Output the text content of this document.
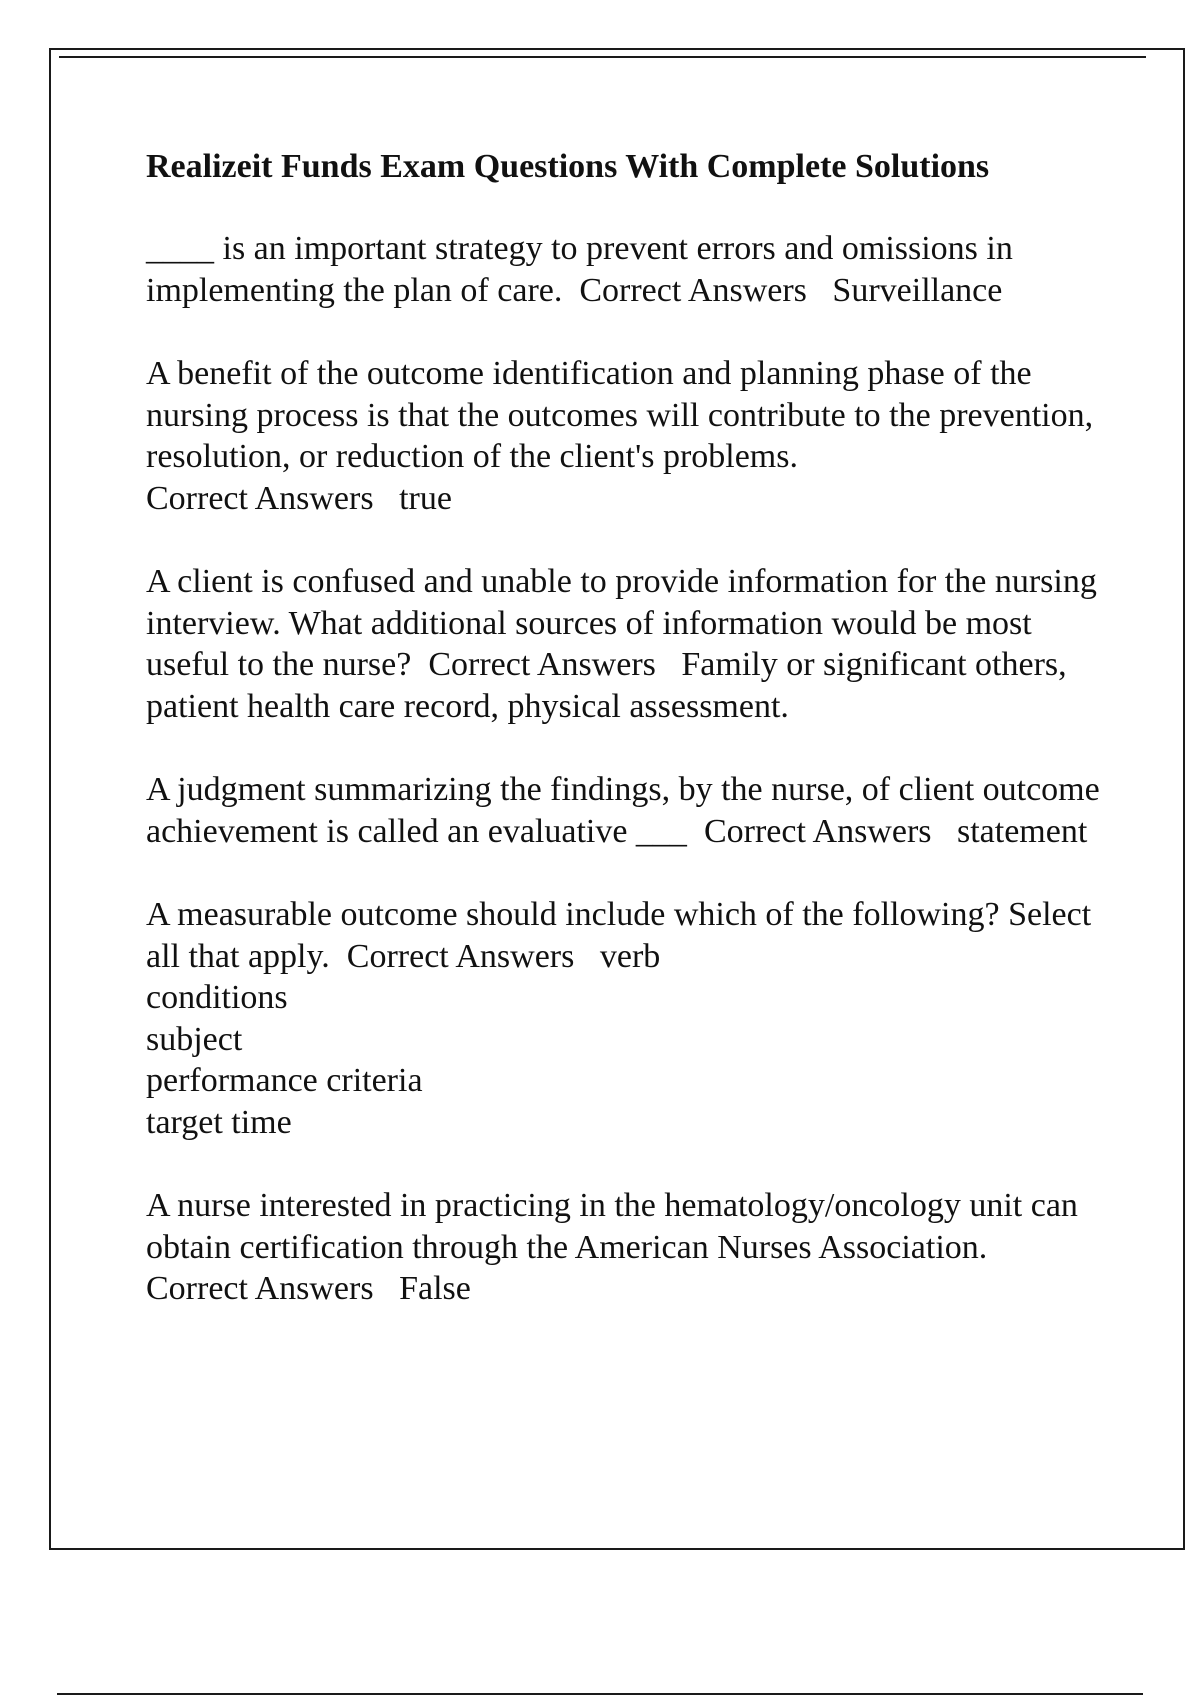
Realizeit Funds Exam Questions With Complete Solutions
____ is an important strategy to prevent errors and omissions in implementing the plan of care. Correct Answers Surveillance
A benefit of the outcome identification and planning phase of the nursing process is that the outcomes will contribute to the prevention, resolution, or reduction of the client's problems.
Correct Answers true
A client is confused and unable to provide information for the nursing interview. What additional sources of information would be most useful to the nurse? Correct Answers Family or significant others, patient health care record, physical assessment.
A judgment summarizing the findings, by the nurse, of client outcome achievement is called an evaluative ___ Correct Answers statement
A measurable outcome should include which of the following? Select all that apply. Correct Answers verb
conditions
subject
performance criteria
target time
A nurse interested in practicing in the hematology/oncology unit can obtain certification through the American Nurses Association.  Correct Answers False
